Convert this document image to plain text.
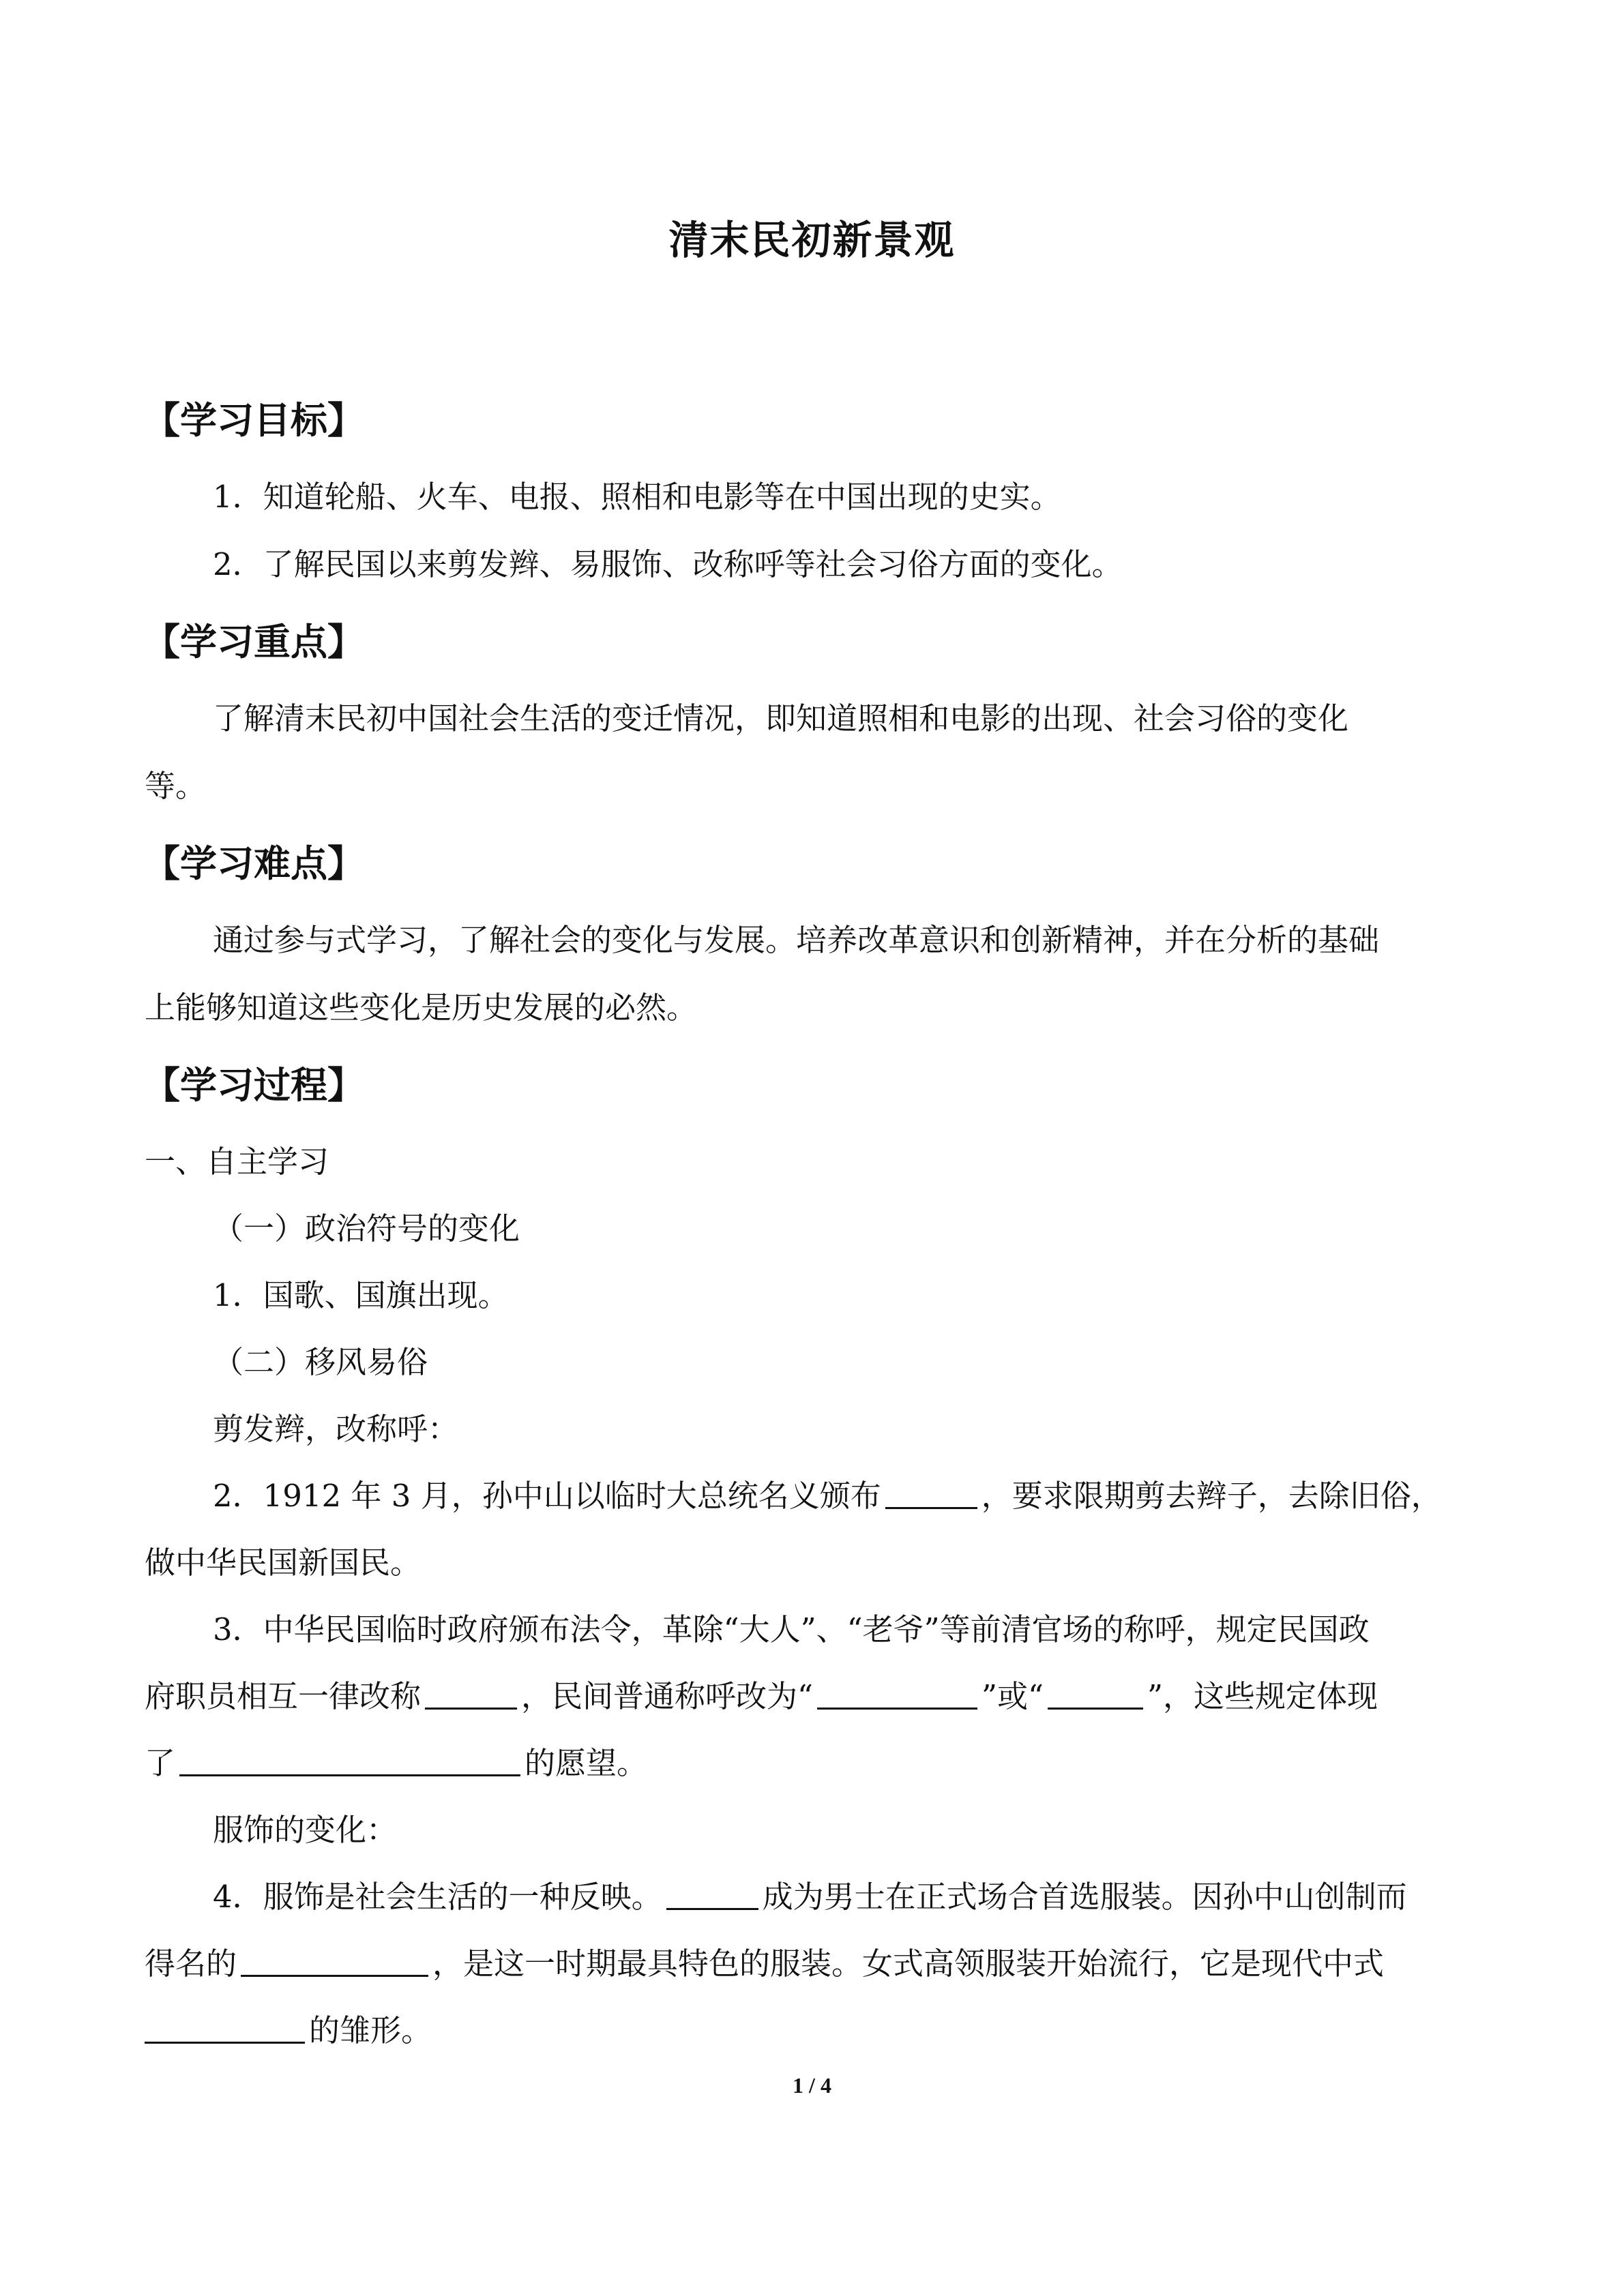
清末民初新景观
【学习目标】
1．知道轮船、火车、电报、照相和电影等在中国出现的史实。
2．了解民国以来剪发辫、易服饰、改称呼等社会习俗方面的变化。
【学习重点】
了解清末民初中国社会生活的变迁情况，即知道照相和电影的出现、社会习俗的变化
等。
【学习难点】
通过参与式学习，了解社会的变化与发展。培养改革意识和创新精神，并在分析的基础
上能够知道这些变化是历史发展的必然。
【学习过程】
一、自主学习
（一）政治符号的变化
1．国歌、国旗出现。
（二）移风易俗
剪发辫，改称呼：
2．1912 年 3 月，孙中山以临时大总统名义颁布	，要求限期剪去辫子，去除旧俗，
做中华民国新国民。
3．中华民国临时政府颁布法令，革除“大人”、“老爷”等前清官场的称呼，规定民国政
府职员相互一律改称	，民间普通称呼改为“	”或“	”，这些规定体现
了	的愿望。
服饰的变化：
4．服饰是社会生活的一种反映。	成为男士在正式场合首选服装。因孙中山创制而
得名的	，是这一时期最具特色的服装。女式高领服装开始流行，它是现代中式
的雏形。
1 / 4
